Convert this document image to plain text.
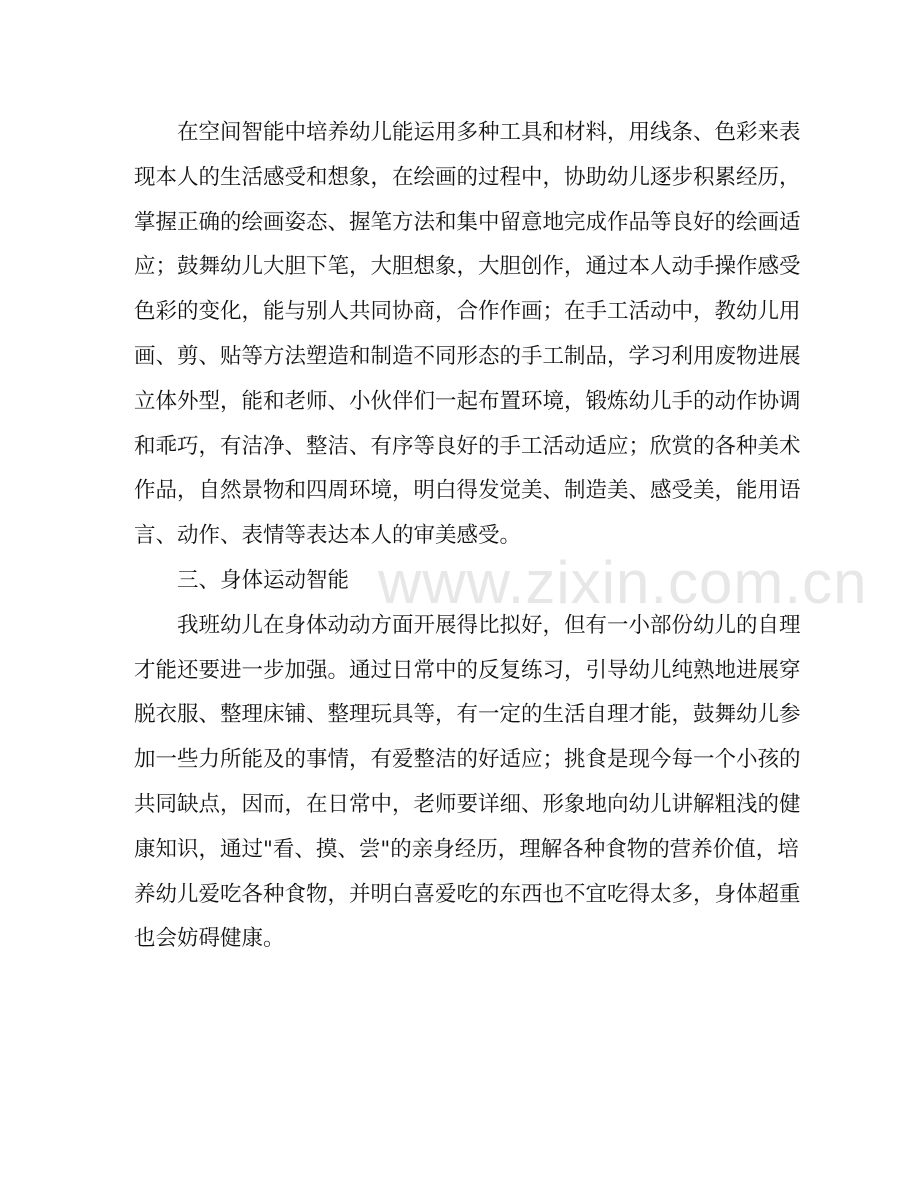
在空间智能中培养幼儿能运用多种工具和材料，用线条、色彩来表
现本人的生活感受和想象，在绘画的过程中，协助幼儿逐步积累经历，
掌握正确的绘画姿态、握笔方法和集中留意地完成作品等良好的绘画适
应；鼓舞幼儿大胆下笔，大胆想象，大胆创作，通过本人动手操作感受
色彩的变化，能与别人共同协商，合作作画；在手工活动中，教幼儿用
画、剪、贴等方法塑造和制造不同形态的手工制品，学习利用废物进展
立体外型，能和老师、小伙伴们一起布置环境，锻炼幼儿手的动作协调
和乖巧，有洁净、整洁、有序等良好的手工活动适应；欣赏的各种美术
作品，自然景物和四周环境，明白得发觉美、制造美、感受美，能用语
言、动作、表情等表达本人的审美感受。
三、身体运动智能
我班幼儿在身体动动方面开展得比拟好，但有一小部份幼儿的自理
才能还要进一步加强。通过日常中的反复练习，引导幼儿纯熟地进展穿
脱衣服、整理床铺、整理玩具等，有一定的生活自理才能，鼓舞幼儿参
加一些力所能及的事情，有爱整洁的好适应；挑食是现今每一个小孩的
共同缺点，因而，在日常中，老师要详细、形象地向幼儿讲解粗浅的健
康知识，通过"看、摸、尝"的亲身经历，理解各种食物的营养价值，培
养幼儿爱吃各种食物，并明白喜爱吃的东西也不宜吃得太多，身体超重
也会妨碍健康。
www.zixin.com.cn
